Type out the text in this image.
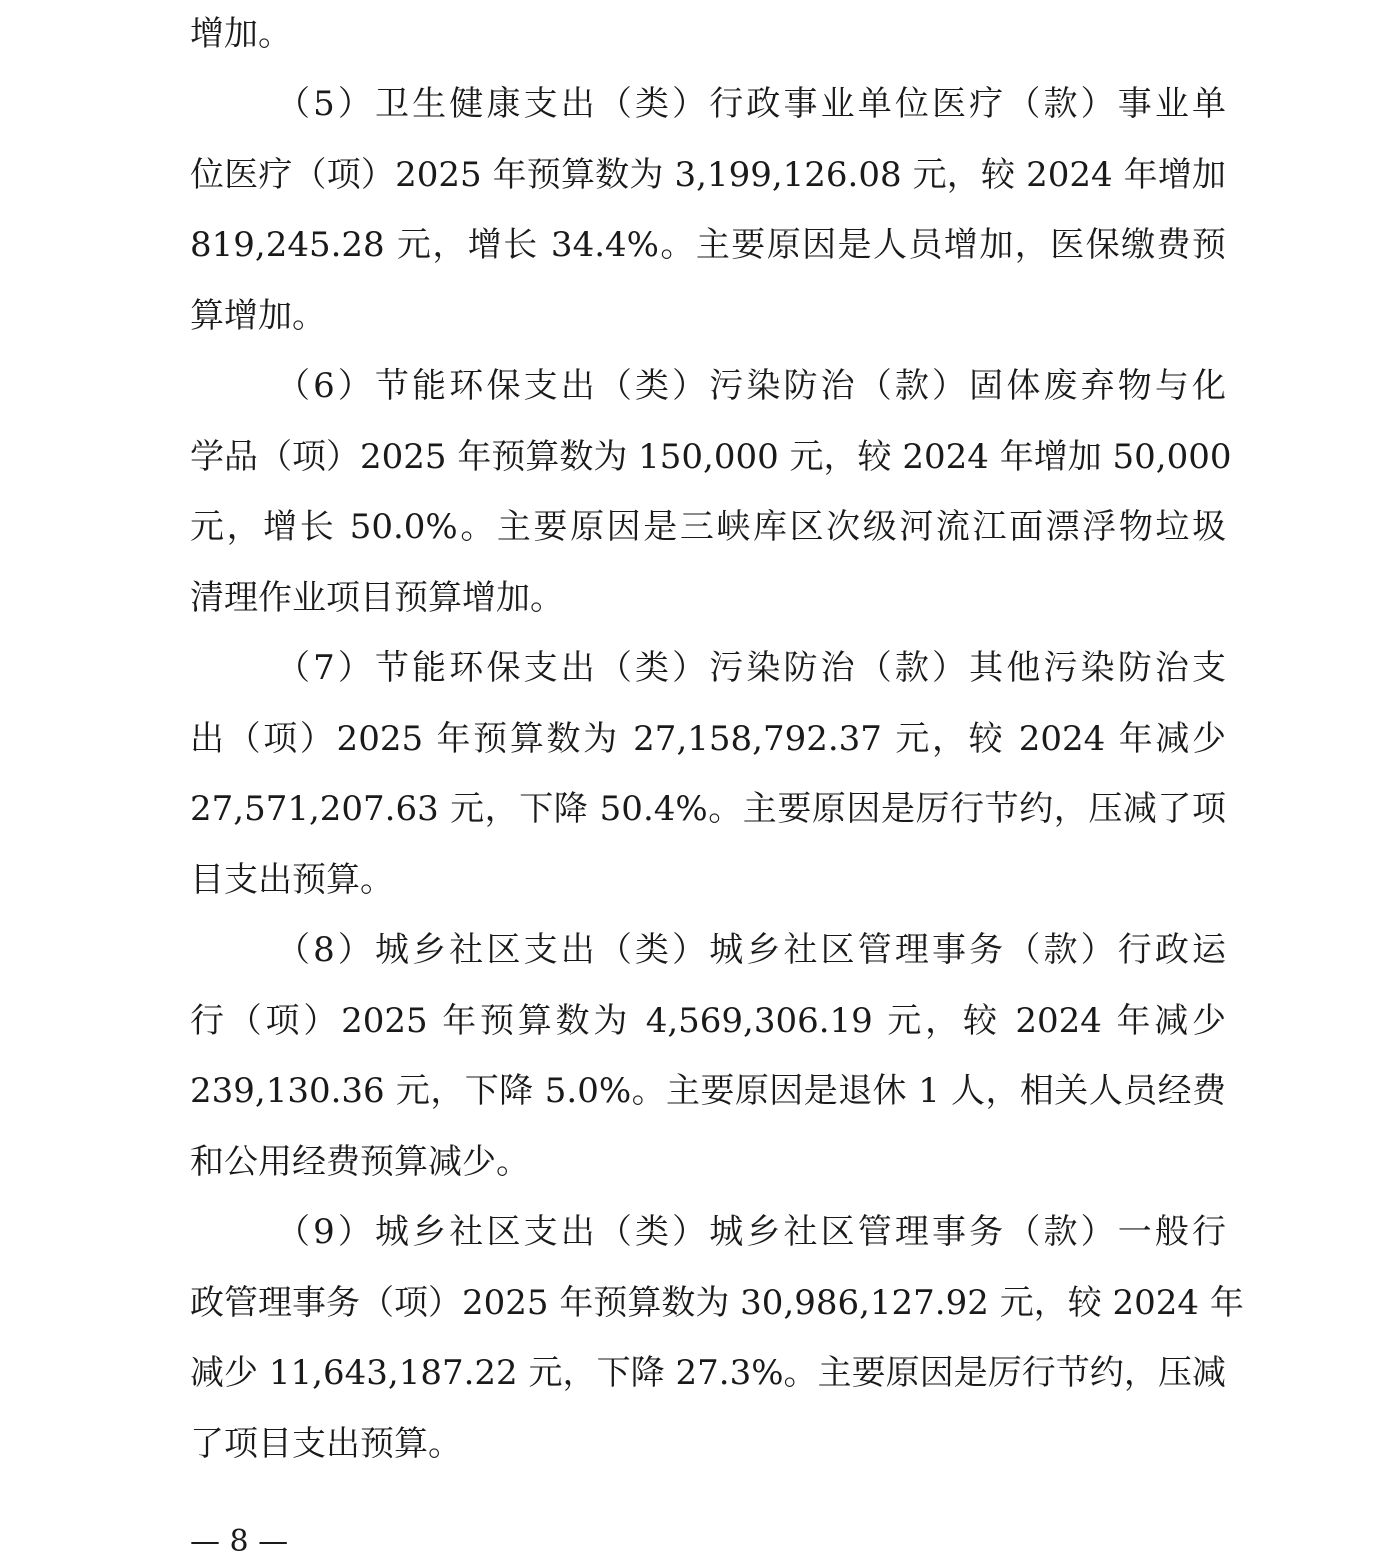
增加。
（5）卫生健康支出（类）行政事业单位医疗（款）事业单
位医疗（项）2025 年预算数为 3,199,126.08 元，较 2024 年增加
819,245.28 元，增长 34.4%。主要原因是人员增加，医保缴费预
算增加。
（6）节能环保支出（类）污染防治（款）固体废弃物与化
学品（项）2025 年预算数为 150,000 元，较 2024 年增加 50,000
元，增长 50.0%。主要原因是三峡库区次级河流江面漂浮物垃圾
清理作业项目预算增加。
（7）节能环保支出（类）污染防治（款）其他污染防治支
出（项）2025 年预算数为 27,158,792.37 元，较 2024 年减少
27,571,207.63 元，下降 50.4%。主要原因是厉行节约，压减了项
目支出预算。
（8）城乡社区支出（类）城乡社区管理事务（款）行政运
行（项）2025 年预算数为 4,569,306.19 元，较 2024 年减少
239,130.36 元，下降 5.0%。主要原因是退休 1 人，相关人员经费
和公用经费预算减少。
（9）城乡社区支出（类）城乡社区管理事务（款）一般行
政管理事务（项）2025 年预算数为 30,986,127.92 元，较 2024 年
减少 11,643,187.22 元，下降 27.3%。主要原因是厉行节约，压减
了项目支出预算。
— 8 —
